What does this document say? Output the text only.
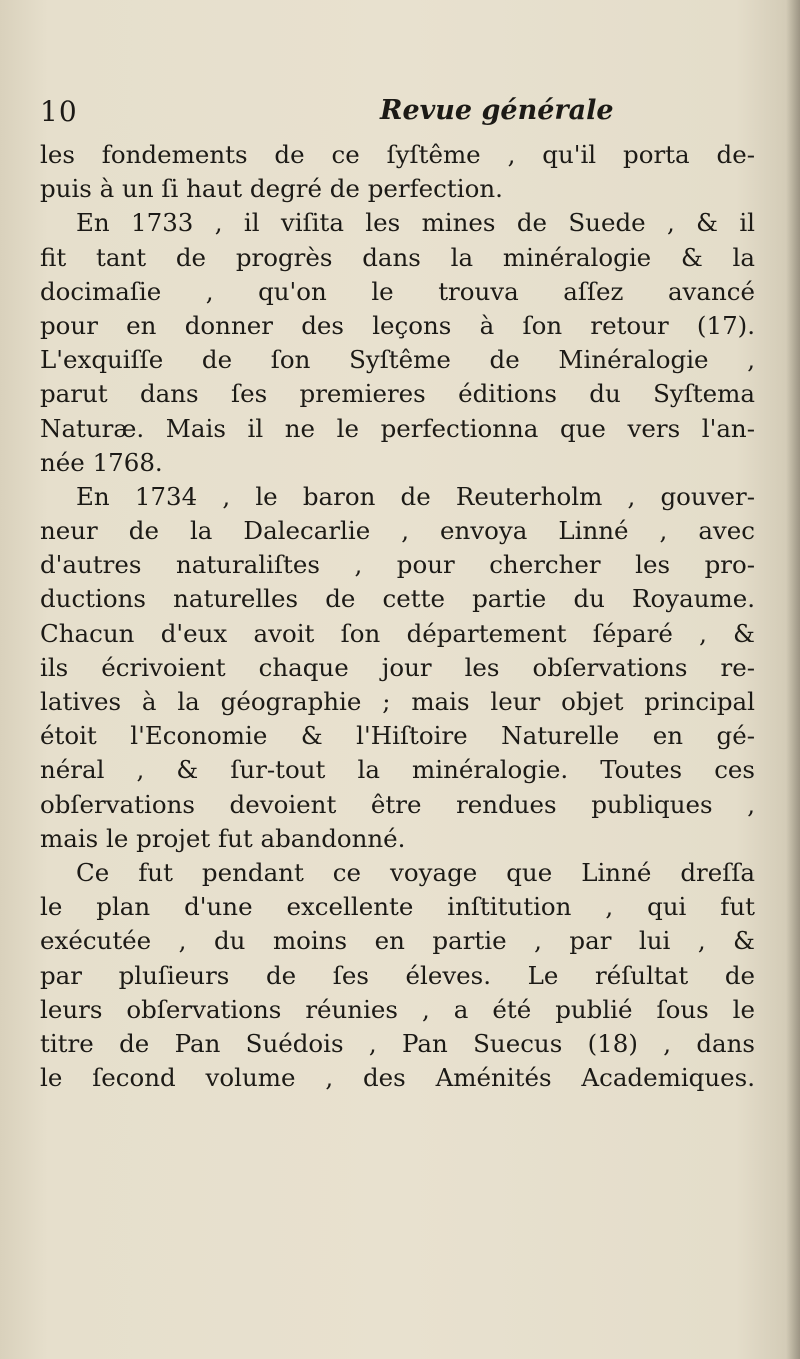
10	Revue générale
les fondements de ce ſyſtême , qu'il porta de-
puis à un ſi haut degré de perfection.
En 1733 , il viſita les mines de Suede , & il
fit tant de progrès dans la minéralogie & la
docimaſie , qu'on le trouva aſſez avancé
pour en donner des leçons à ſon retour (17).
L'exquiſſe de ſon Syſtême de Minéralogie ,
parut dans ſes premieres éditions du Syſtema
Naturæ. Mais il ne le perfectionna que vers l'an-
née 1768.
En 1734 , le baron de Reuterholm , gouver-
neur de la Dalecarlie , envoya Linné , avec
d'autres naturaliſtes , pour chercher les pro-
ductions naturelles de cette partie du Royaume.
Chacun d'eux avoit ſon département ſéparé , &
ils écrivoient chaque jour les obſervations re-
latives à la géographie ; mais leur objet principal
étoit l'Economie & l'Hiſtoire Naturelle en gé-
néral , & ſur-tout la minéralogie. Toutes ces
obſervations devoient être rendues publiques ,
mais le projet fut abandonné.
Ce fut pendant ce voyage que Linné dreſſa
le plan d'une excellente inſtitution , qui fut
exécutée , du moins en partie , par lui , &
par pluſieurs de ſes éleves. Le réſultat de
leurs obſervations réunies , a été publié ſous le
titre de Pan Suédois , Pan Suecus (18) , dans
le ſecond volume , des Aménités Academiques.
